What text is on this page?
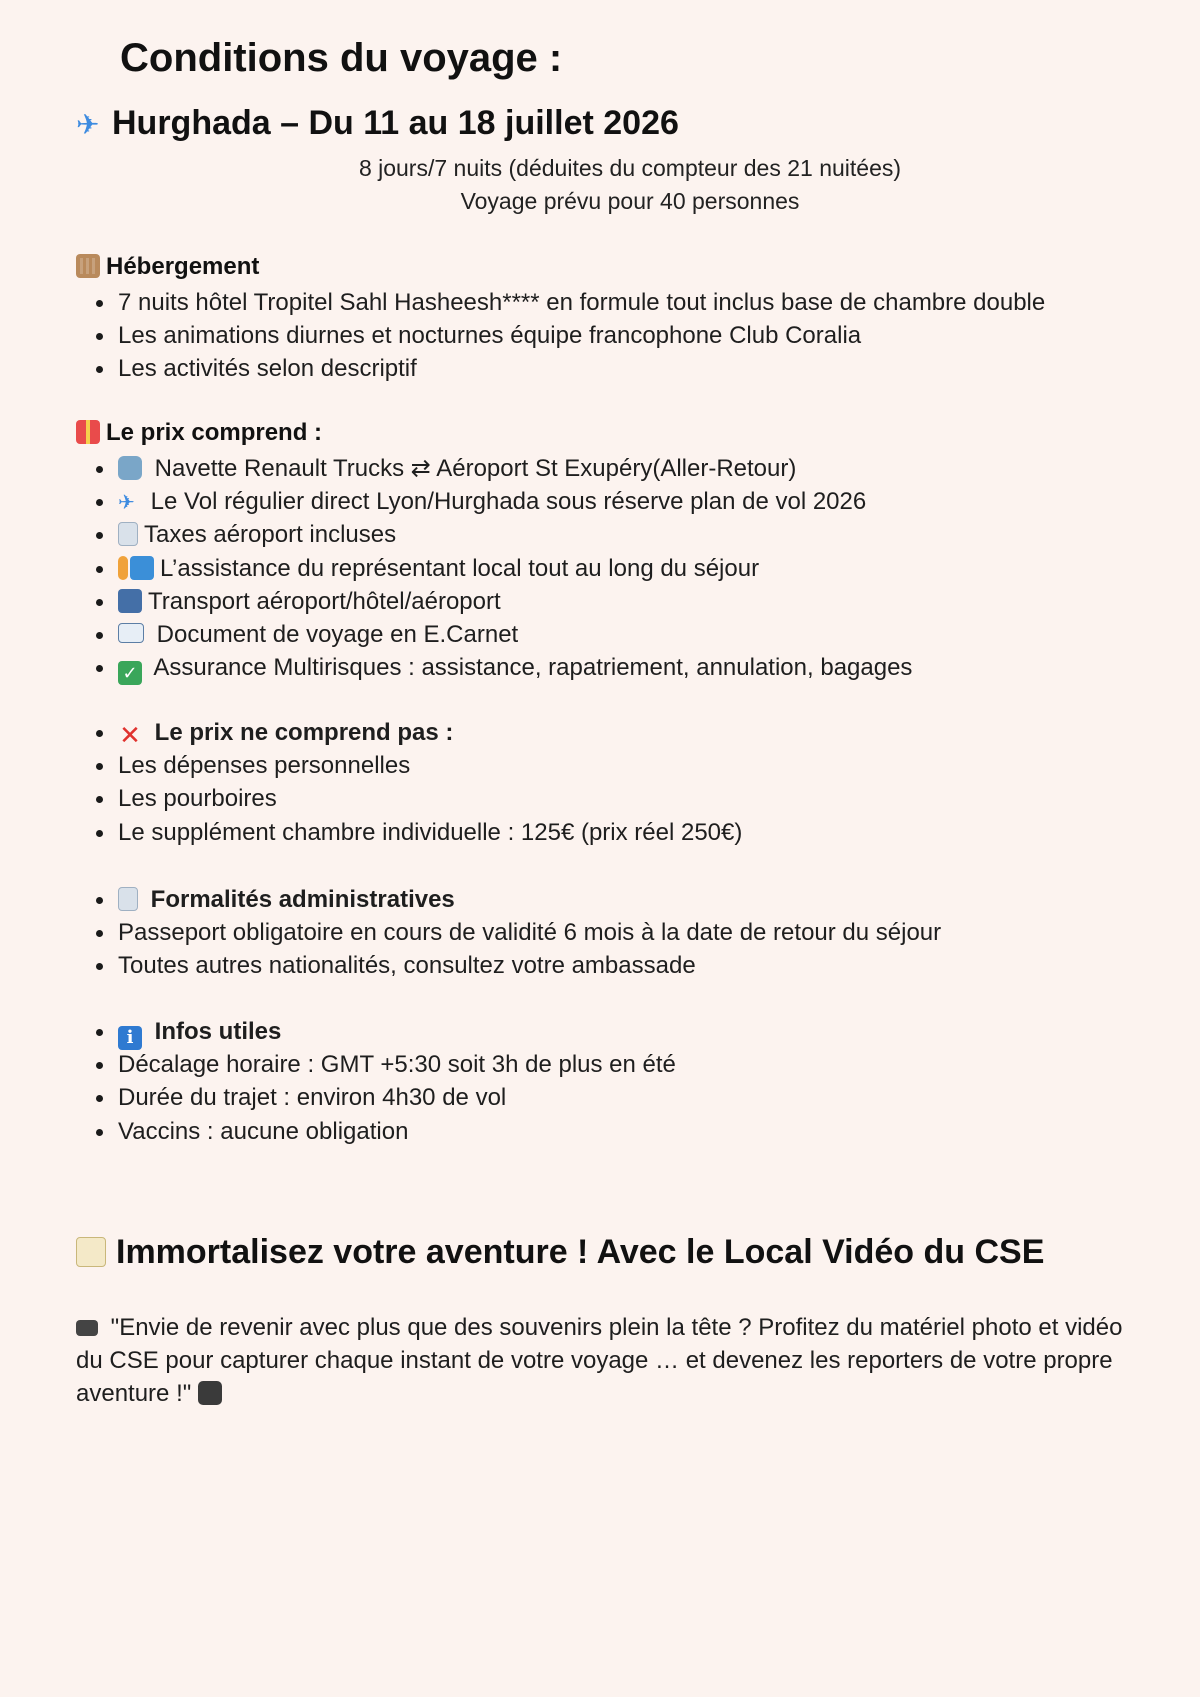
Conditions du voyage :
✈ Hurghada – Du 11 au 18 juillet 2026

8 jours/7 nuits (déduites du compteur des 21 nuitées)

Voyage prévu pour 40 personnes

Hébergement
7 nuits hôtel Tropitel Sahl Hasheesh**** en formule tout inclus base de chambre double
Les animations diurnes et nocturnes équipe francophone Club Coralia
Les activités selon descriptif
Le prix comprend :
Navette Renault Trucks ⇄ Aéroport St Exupéry(Aller-Retour)
✈ Le Vol régulier direct Lyon/Hurghada sous réserve plan de vol 2026
Taxes aéroport incluses
L’assistance du représentant local tout au long du séjour
Transport aéroport/hôtel/aéroport
Document de voyage en E.Carnet
✓ Assurance Multirisques : assistance, rapatriement, annulation, bagages
✕ Le prix ne comprend pas :
Les dépenses personnelles
Les pourboires
Le supplément chambre individuelle : 125€ (prix réel 250€)
Formalités administratives
Passeport obligatoire en cours de validité 6 mois à la date de retour du séjour
Toutes autres nationalités, consultez votre ambassade
i Infos utiles
Décalage horaire : GMT +5:30 soit 3h de plus en été
Durée du trajet : environ 4h30 de vol
Vaccins : aucune obligation
Immortalisez votre aventure ! Avec le Local Vidéo du CSE

"Envie de revenir avec plus que des souvenirs plein la tête ? Profitez du matériel photo et vidéo du CSE pour capturer chaque instant de votre voyage … et devenez les reporters de votre propre aventure !"
